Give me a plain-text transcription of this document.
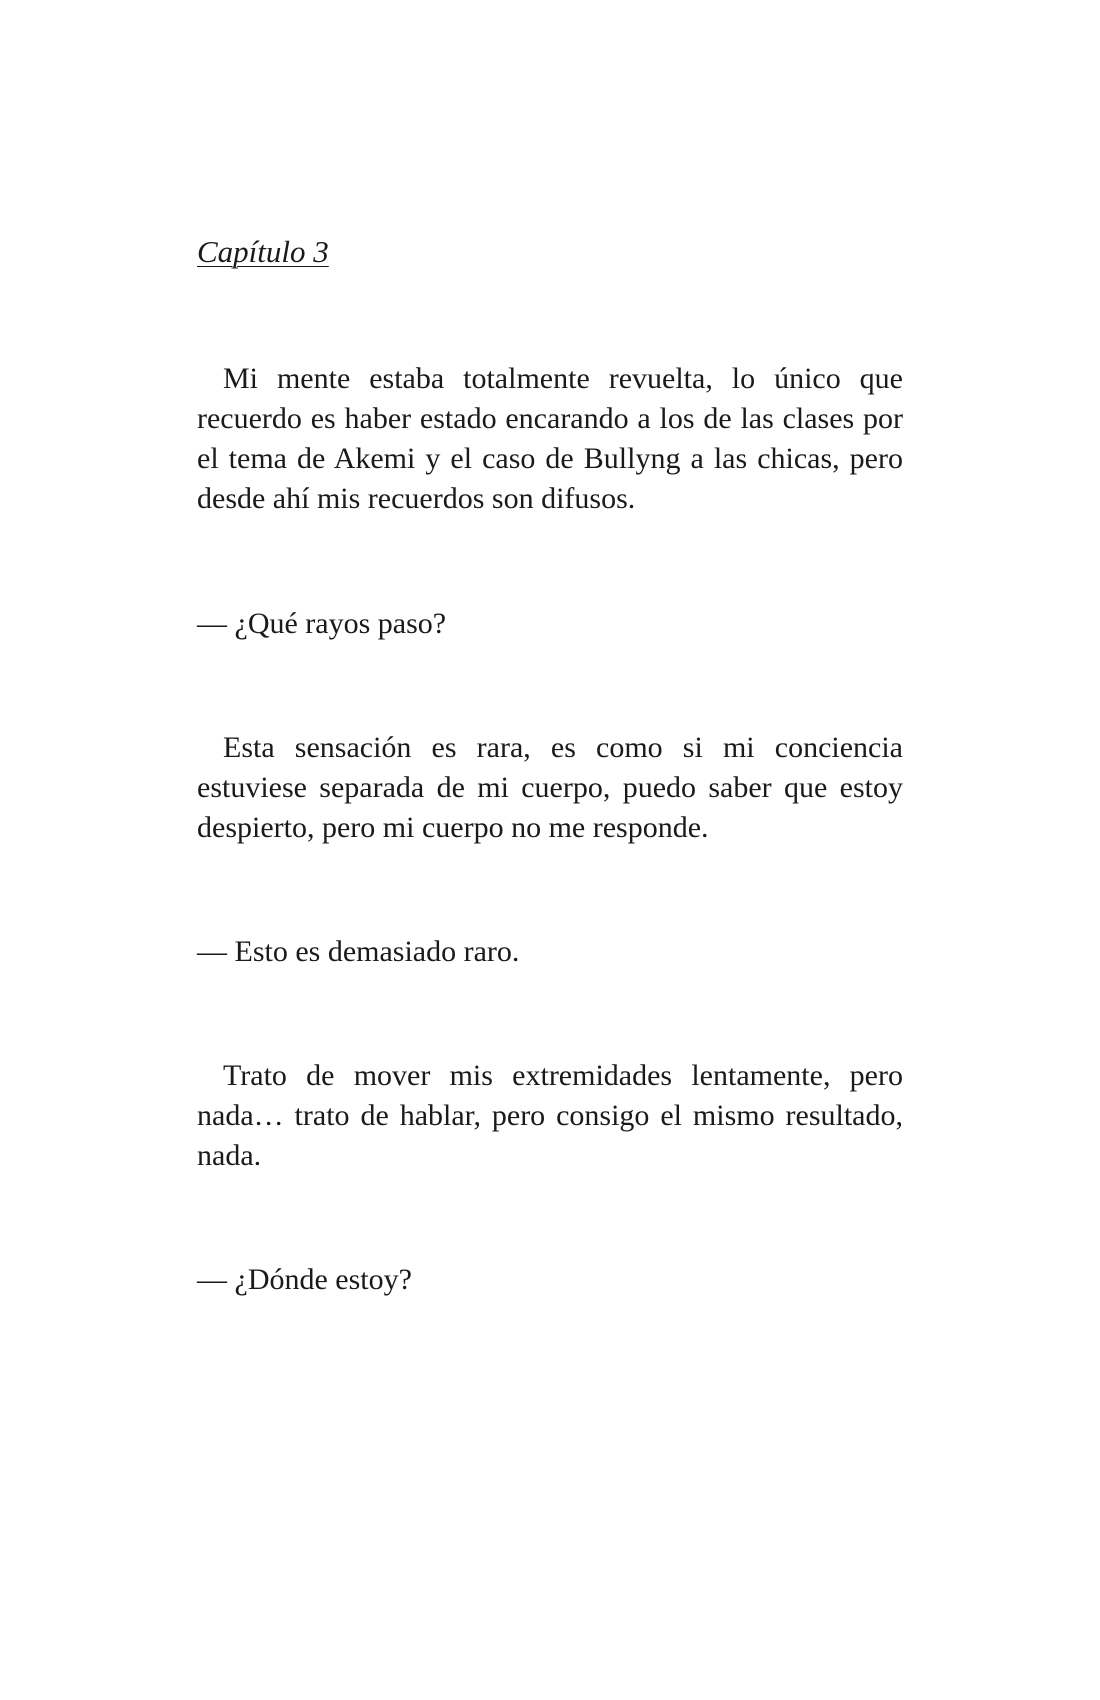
Capítulo 3

Mi mente estaba totalmente revuelta, lo único que recuerdo es haber estado encarando a los de las clases por el tema de Akemi y el caso de Bullyng a las chicas, pero desde ahí mis recuerdos son difusos.

— ¿Qué rayos paso?

Esta sensación es rara, es como si mi conciencia estuviese separada de mi cuerpo, puedo saber que estoy despierto, pero mi cuerpo no me responde.

— Esto es demasiado raro.

Trato de mover mis extremidades lentamente, pero nada… trato de hablar, pero consigo el mismo resultado, nada.

— ¿Dónde estoy?
